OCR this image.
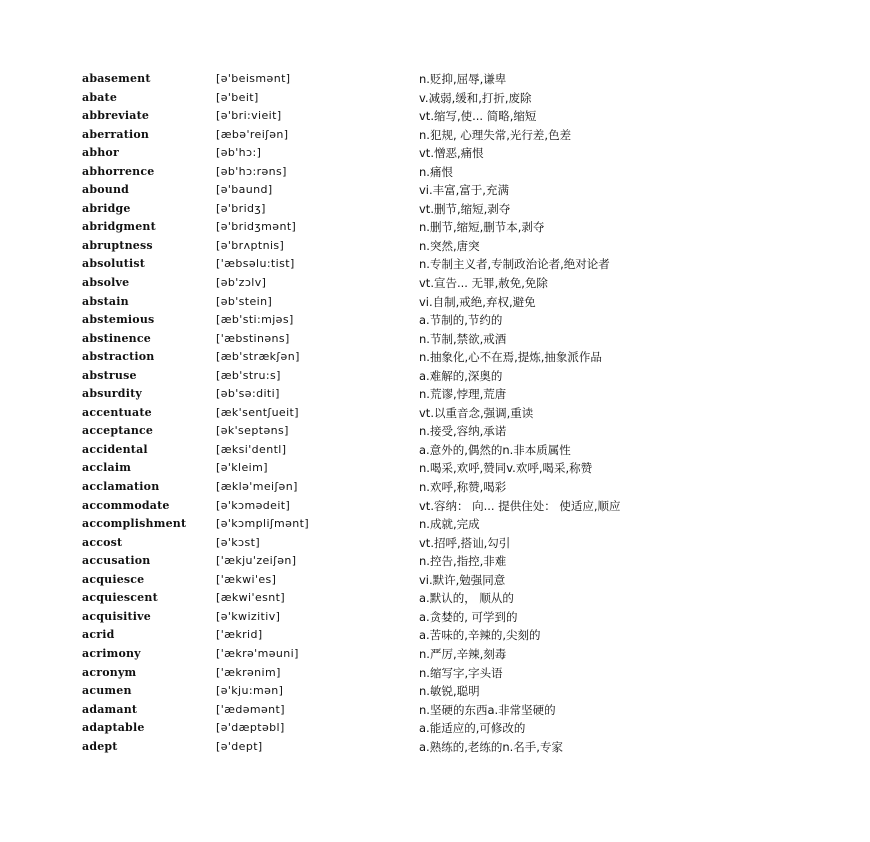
abasement	[ə'beismənt]	n.贬抑,屈辱,谦卑
abate	[ə'beit]	v.减弱,缓和,打折,废除
abbreviate	[ə'bri:vieit]	vt.缩写,使... 简略,缩短
aberration	[æbə'reiʃən]	n.犯规, 心理失常,光行差,色差
abhor	[əb'hɔ:]	vt.憎恶,痛恨
abhorrence	[əb'hɔ:rəns]	n.痛恨
abound	[ə'baund]	vi.丰富,富于,充满
abridge	[ə'bridʒ]	vt.删节,缩短,剥夺
abridgment	[ə'bridʒmənt]	n.删节,缩短,删节本,剥夺
abruptness	[ə'brʌptnis]	n.突然,唐突
absolutist	['æbsəlu:tist]	n.专制主义者,专制政治论者,绝对论者
absolve	[əb'zɔlv]	vt.宣告... 无罪,赦免,免除
abstain	[əb'stein]	vi.自制,戒绝,弃权,避免
abstemious	[æb'sti:mjəs]	a.节制的,节约的
abstinence	['æbstinəns]	n.节制,禁欲,戒酒
abstraction	[æb'strækʃən]	n.抽象化,心不在焉,提炼,抽象派作品
abstruse	[æb'stru:s]	a.难解的,深奥的
absurdity	[əb'sə:diti]	n.荒谬,悖理,荒唐
accentuate	[æk'sentʃueit]	vt.以重音念,强调,重读
acceptance	[ək'septəns]	n.接受,容纳,承诺
accidental	[æksi'dentl]	a.意外的,偶然的n.非本质属性
acclaim	[ə'kleim]	n.喝采,欢呼,赞同v.欢呼,喝采,称赞
acclamation	[æklə'meiʃən]	n.欢呼,称赞,喝彩
accommodate	[ə'kɔmədeit]	vt.容纳： 向... 提供住处： 使适应,顺应
accomplishment	[ə'kɔmpliʃmənt]	n.成就,完成
accost	[ə'kɔst]	vt.招呼,搭讪,勾引
accusation	['ækju'zeiʃən]	n.控告,指控,非难
acquiesce	['ækwi'es]	vi.默许,勉强同意
acquiescent	[ækwi'esnt]	a.默认的， 顺从的
acquisitive	[ə'kwizitiv]	a.贪婪的, 可学到的
acrid	['ækrid]	a.苦味的,辛辣的,尖刻的
acrimony	['ækrə'məuni]	n.严厉,辛辣,刻毒
acronym	['ækrənim]	n.缩写字,字头语
acumen	[ə'kju:mən]	n.敏锐,聪明
adamant	['ædəmənt]	n.坚硬的东西a.非常坚硬的
adaptable	[ə'dæptəbl]	a.能适应的,可修改的
adept	[ə'dept]	a.熟练的,老练的n.名手,专家
